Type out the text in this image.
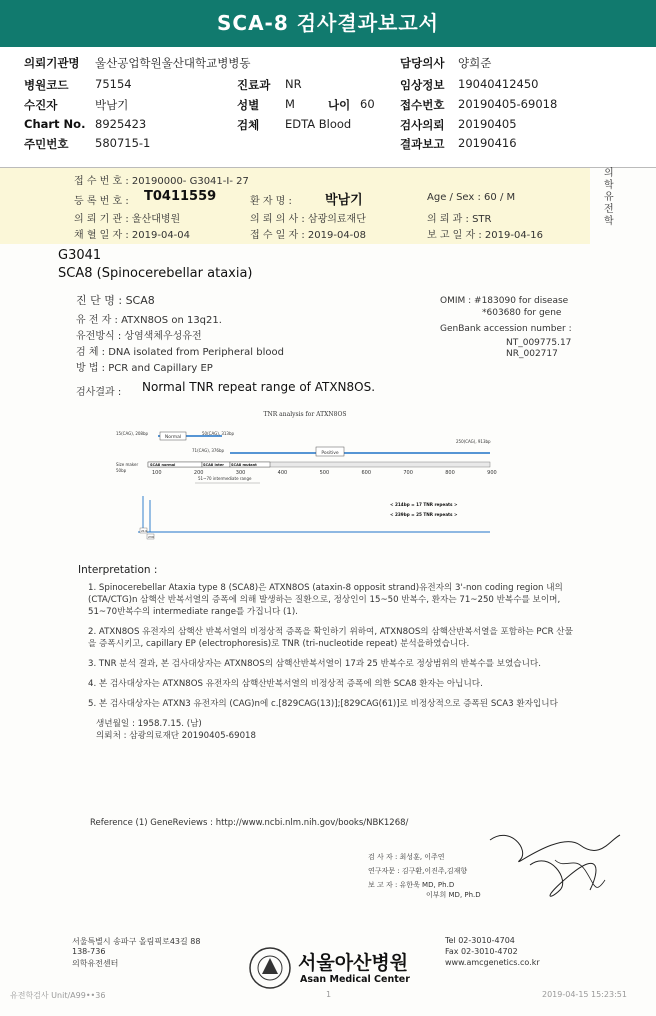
SCA-8 검사결과보고서
의뢰기관명 울산공업학원울산대학교병병동	담당의사 양희준
병원코드 75154	진료과 NR	임상정보 19040412450
수진자	박남기	성별 M	나이 60 접수번호 20190405-69018
Chart No. 8925423	검체 EDTA Blood	검사의뢰 20190405
주민번호 580715-1	결과보고 20190416
접 수 번 호 : 20190000- G3041-I- 27
등 록 번 호 : T0411559	환 자 명 :	박남기	Age / Sex : 60 / M
의 뢰 기 관 : 울산대병원	의 뢰 의 사 : 삼광의료재단	의 뢰 과 : STR
채 혈 일 자 : 2019-04-04	접 수 일 자 : 2019-04-08	보 고 일 자 : 2019-04-16
의학유전학
G3041
SCA8 (Spinocerebellar ataxia)
진 단 명 : SCA8
유 전 자 : ATXN8OS on 13q21.
유전방식 : 상염색체우성유전
검 체 : DNA isolated from Peripheral blood
방 법 : PCR and Capillary EP
OMIM : #183090 for disease
*603680 for gene
GenBank accession number :
NT_009775.17
NR_002717
검사결과 : Normal TNR repeat range of ATXN8OS.
TNR analysis for ATXN8OS
Normal
15(CAG), 208bp	50(CAG), 313bp
Positive
71(CAG), 376bp
250(CAG), 913bp
Size maker
50bp
SCA8 normal	SCA8 inter SCA8 mutant
100	200	300	400	500	600	700	800	900
51~70 intermediate range
214
239
< 214bp = 17 TNR repeats >
< 239bp = 25 TNR repeats >

Interpretation :

1. Spinocerebellar Ataxia type 8 (SCA8)은 ATXN8OS (ataxin-8 opposit strand)유전자의 3'-non coding region 내의 (CTA/CTG)n 삼핵산 반복서열의 증폭에 의해 발생하는 질환으로, 정상인이 15~50 반복수, 환자는 71~250 반복수를 보이며, 51~70반복수의 intermediate range를 가집니다 (1).

2. ATXN8OS 유전자의 삼핵산 반복서열의 비정상적 증폭을 확인하기 위하여, ATXN8OS의 삼핵산반복서열을 포함하는 PCR 산물을 증폭시키고, capillary EP (electrophoresis)로 TNR (tri-nucleotide repeat) 분석을하였습니다.

3. TNR 분석 결과, 본 검사대상자는 ATXN8OS의 삼핵산반복서열이 17과 25 반복수로 정상범위의 반복수를 보였습니다.

4. 본 검사대상자는 ATXN8OS 유전자의 삼핵산반복서열의 비정상적 증폭에 의한 SCA8 환자는 아닙니다.

5. 본 검사대상자는 ATXN3 유전자의 (CAG)n에 c.[829CAG(13)];[829CAG(61)]로 비정상적으로 증폭된 SCA3 환자입니다

생년월일 : 1958.7.15. (남)

의뢰처 : 삼광의료재단 20190405-69018

Reference (1) GeneReviews : http://www.ncbi.nlm.nih.gov/books/NBK1268/
검 사 자 : 최성훈, 이주연
연구자문 : 김구환,이진주,김재향
보 고 자 : 유한욱 MD, Ph.D
이부희 MD, Ph.D
서울특별시 송파구 올림픽로43길 88
138-736
의학유전센터	서울아산병원
Asan Medical Center
Tel 02-3010-4704
Fax 02-3010-4702
www.amcgenetics.co.kr
유전학검사 Unit/A99••36	1	2019-04-15 15:23:51
